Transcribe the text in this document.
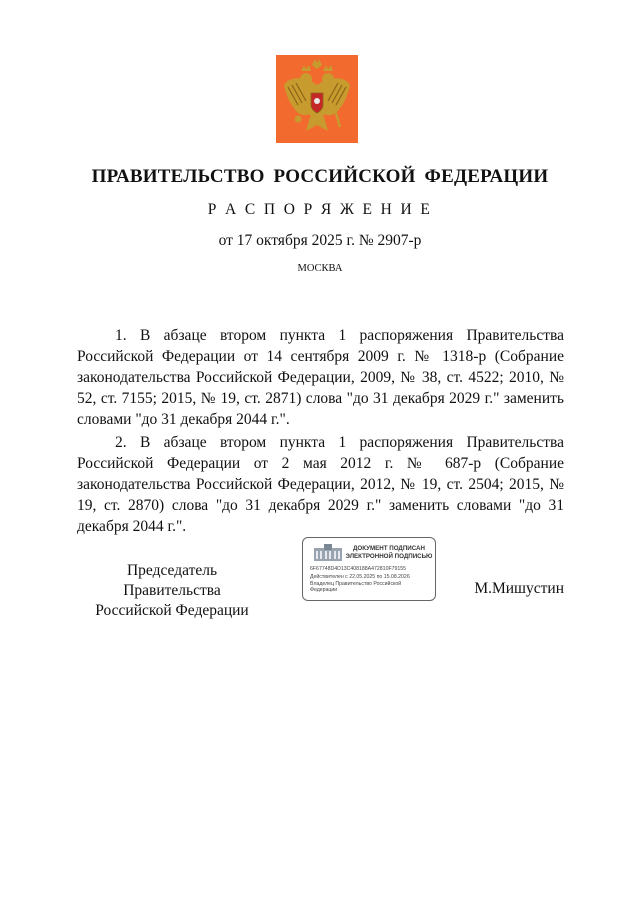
ПРАВИТЕЛЬСТВО РОССИЙСКОЙ ФЕДЕРАЦИИ
Р А С П О Р Я Ж Е Н И Е
от 17 октября 2025 г. № 2907-р
МОСКВА

1. В абзаце втором пункта 1 распоряжения Правительства Российской Федерации от 14 сентября 2009 г. № 1318-р (Собрание законодательства Российской Федерации, 2009, № 38, ст. 4522; 2010, № 52, ст. 7155; 2015, № 19, ст. 2871) слова "до 31 декабря 2029 г." заменить словами "до 31 декабря 2044 г.".

2. В абзаце втором пункта 1 распоряжения Правительства Российской Федерации от 2 мая 2012 г. № 687-р (Собрание законодательства Российской Федерации, 2012, № 19, ст. 2504; 2015, № 19, ст. 2870) слова "до 31 декабря 2029 г." заменить словами "до 31 декабря 2044 г.".

Председатель Правительства
Российской Федерации
ДОКУМЕНТ ПОДПИСАН
ЭЛЕКТРОННОЙ ПОДПИСЬЮ
6F67748D4D13C408188A472810F79155
Действителен с 22.05.2025 по 15.08.2026
Владелец Правительство Российской
Федерации	М.Мишустин
